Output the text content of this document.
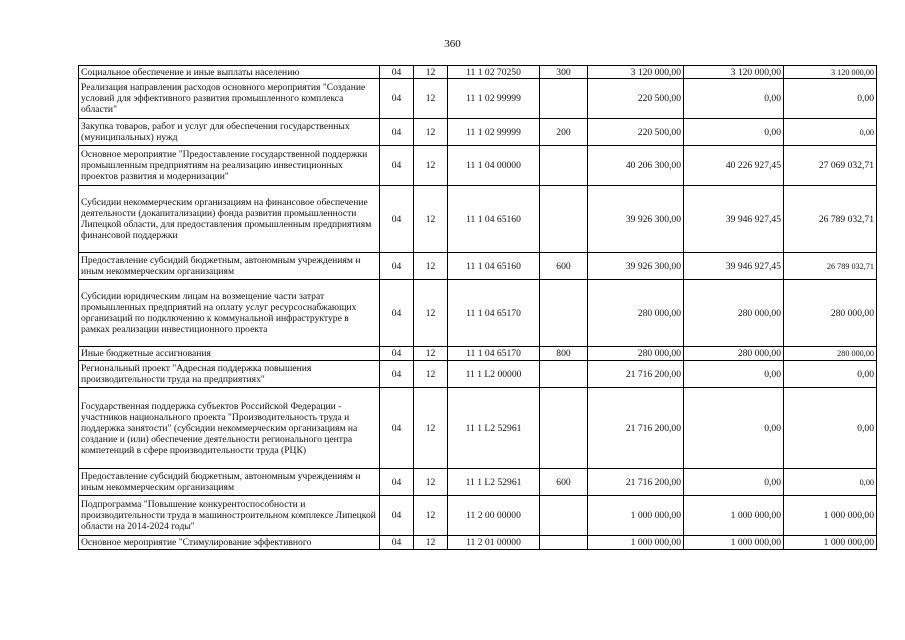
360
Социальное обеспечение и иные выплаты населению	04	12	11 1 02 70250	300	3 120 000,00	3 120 000,00	3 120 000,00
Реализация направления расходов основного мероприятия "Создание условий для эффективного развития промышленного комплекса области"	04	12	11 1 02 99999		220 500,00	0,00	0,00
Закупка товаров, работ и услуг для обеспечения государственных (муниципальных) нужд	04	12	11 1 02 99999	200	220 500,00	0,00	0,00
Основное мероприятие "Предоставление государственной поддержки промышленным предприятиям на реализацию инвестиционных проектов развития и модернизации"	04	12	11 1 04 00000		40 206 300,00	40 226 927,45	27 069 032,71
Субсидии некоммерческим организациям на финансовое обеспечение деятельности (докапитализации) фонда развития промышленности Липецкой области, для предоставления промышленным предприятиям финансовой поддержки	04	12	11 1 04 65160		39 926 300,00	39 946 927,45	26 789 032,71
Предоставление субсидий бюджетным, автономным учреждениям и иным некоммерческим организациям	04	12	11 1 04 65160	600	39 926 300,00	39 946 927,45	26 789 032,71
Субсидии юридическим лицам на возмещение части затрат промышленных предприятий на оплату услуг ресурсоснабжающих организаций по подключению к коммунальной инфраструктуре в рамках реализации инвестиционного проекта	04	12	11 1 04 65170		280 000,00	280 000,00	280 000,00
Иные бюджетные ассигнования	04	12	11 1 04 65170	800	280 000,00	280 000,00	280 000,00
Региональный проект "Адресная поддержка повышения производительности труда на предприятиях"	04	12	11 1 L2 00000		21 716 200,00	0,00	0,00
Государственная поддержка субъектов Российской Федерации - участников национального проекта "Производительность труда и поддержка занятости" (субсидии некоммерческим организациям на создание и (или) обеспечение деятельности регионального центра компетенций в сфере производительности труда (РЦК)	04	12	11 1 L2 52961		21 716 200,00	0,00	0,00
Предоставление субсидий бюджетным, автономным учреждениям и иным некоммерческим организациям	04	12	11 1 L2 52961	600	21 716 200,00	0,00	0,00
Подпрограмма "Повышение конкурентоспособности и производительности труда в машиностроительном комплексе Липецкой области на 2014-2024 годы"	04	12	11 2 00 00000		1 000 000,00	1 000 000,00	1 000 000,00
Основное мероприятие "Стимулирование эффективного	04	12	11 2 01 00000		1 000 000,00	1 000 000,00	1 000 000,00
